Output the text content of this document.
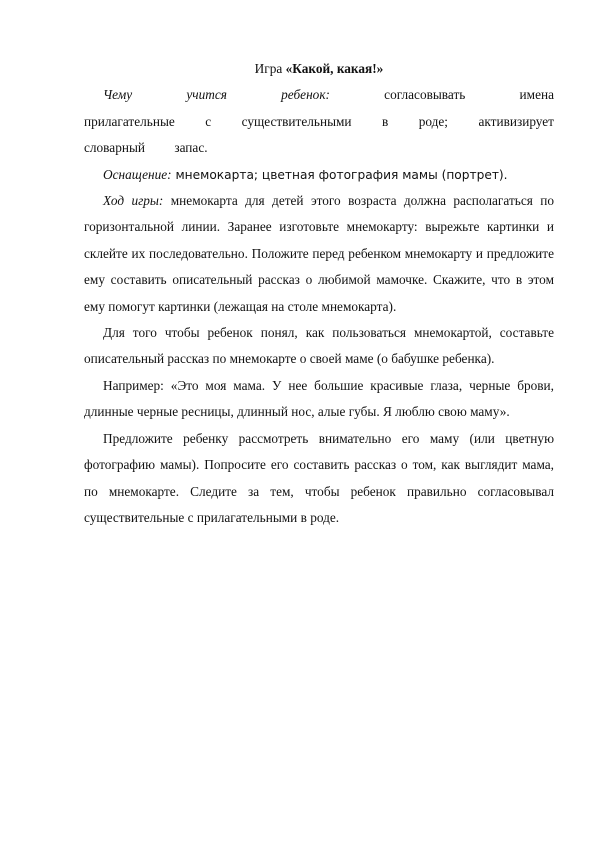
Игра «Какой, какая!»

Чему учится ребенок: согласовывать имена прилагательные с существительными в роде; активизирует словарный запас.

Оснащение: мнемокарта; цветная фотография мамы (портрет).

Ход игры: мнемокарта для детей этого возраста должна располагаться по горизонтальной линии. Заранее изготовьте мнемокарту: вырежьте картинки и склейте их последовательно. Положите перед ребенком мнемокарту и предложите ему составить описательный рассказ о любимой мамочке. Скажите, что в этом ему помогут картинки (лежащая на столе мнемокарта).

Для того чтобы ребенок понял, как пользоваться мнемокартой, составьте описательный рассказ по мнемокарте о своей маме (о бабушке ребенка).

Например: «Это моя мама. У нее большие красивые глаза, черные брови, длинные черные ресницы, длинный нос, алые губы. Я люблю свою маму».

Предложите ребенку рассмотреть внимательно его маму (или цветную фотографию мамы). Попросите его составить рассказ о том, как выглядит мама, по мнемокарте. Следите за тем, чтобы ребенок правильно согласовывал существительные с прилагательными в роде.
